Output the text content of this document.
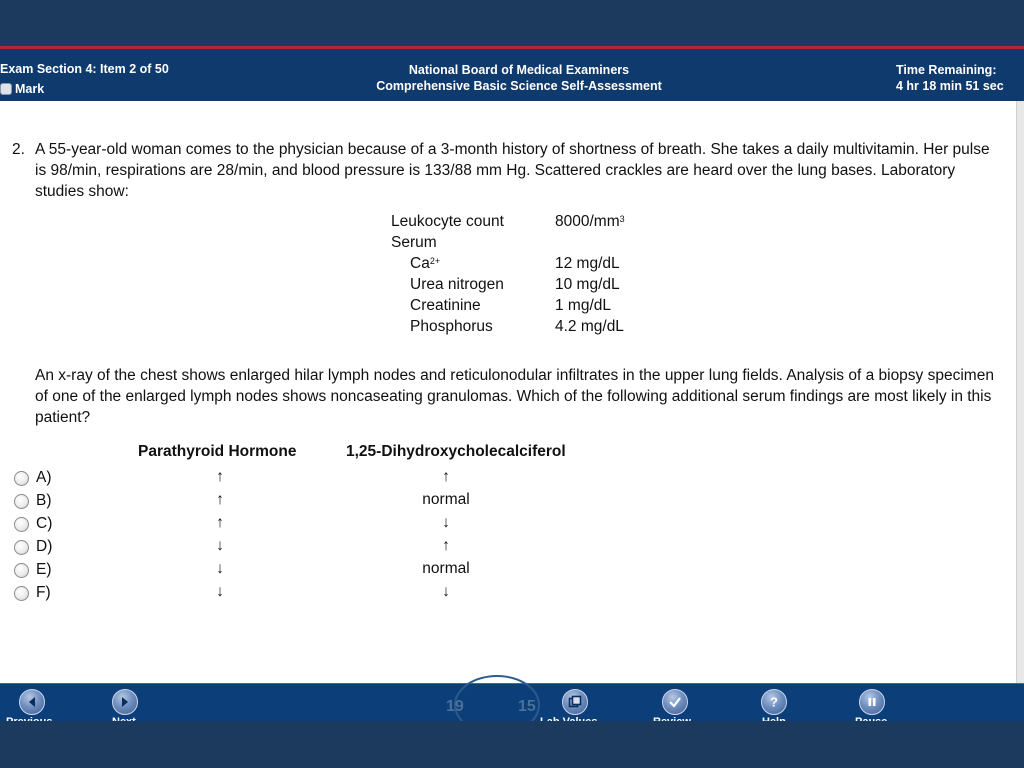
Exam Section 4: Item 2 of 50
Mark
National Board of Medical Examiners
Comprehensive Basic Science Self-Assessment
Time Remaining:
4 hr 18 min 51 sec
2. A 55-year-old woman comes to the physician because of a 3-month history of shortness of breath. She takes a daily multivitamin. Her pulse is 98/min, respirations are 28/min, and blood pressure is 133/88 mm Hg. Scattered crackles are heard over the lung bases. Laboratory studies show:
Leukocyte count	$8000/mm^3$
Serum
$Ca^{2+}$	12 mg/dL
Urea nitrogen	10 mg/dL
Creatinine	1 mg/dL
Phosphorus	4.2 mg/dL
An x-ray of the chest shows enlarged hilar lymph nodes and reticulonodular infiltrates in the upper lung fields. Analysis of a biopsy specimen of one of the enlarged lymph nodes shows noncaseating granulomas. Which of the following additional serum findings are most likely in this patient?
Parathyroid Hormone	1,25-Dihydroxycholecalciferol
A)	↑	↑
B)	↑	normal
C)	↑	↓
D)	↓	↑
E)	↓	normal
F)	↓	↓
19	15	?
